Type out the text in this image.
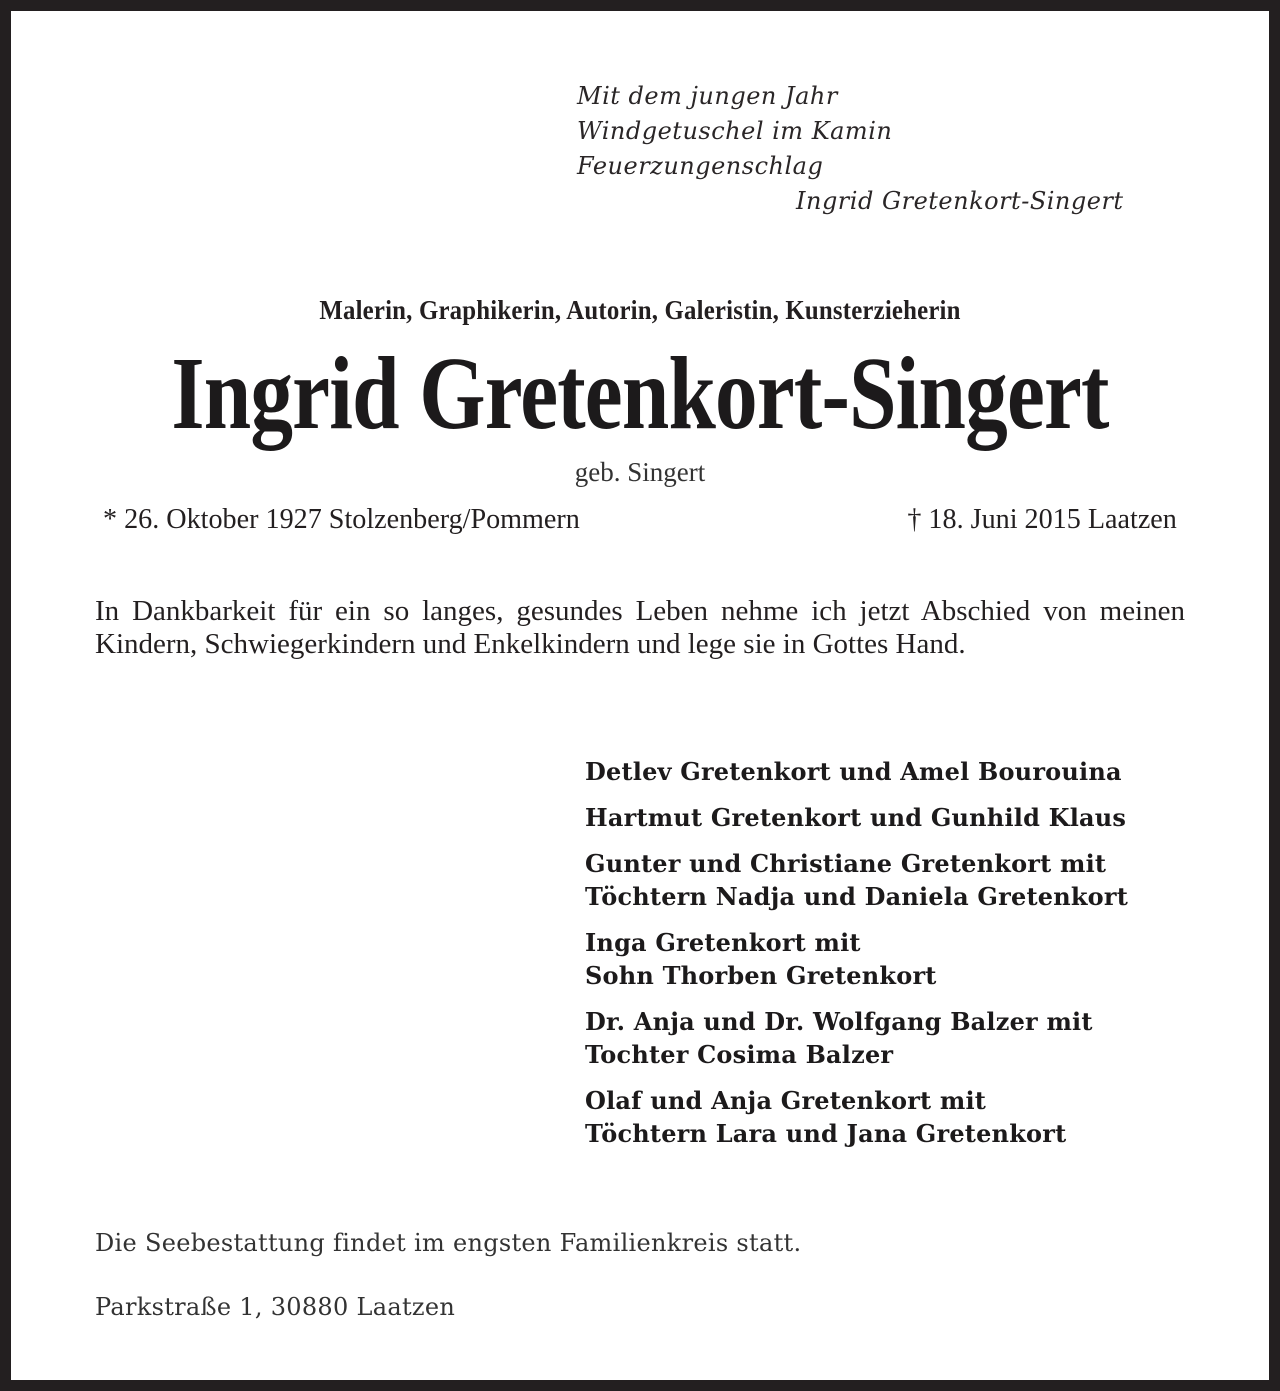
Mit dem jungen Jahr
Windgetuschel im Kamin
Feuerzungenschlag
Ingrid Gretenkort-Singert
Malerin, Graphikerin, Autorin, Galeristin, Kunsterzieherin
Ingrid Gretenkort-Singert
geb. Singert
* 26. Oktober 1927 Stolzenberg/Pommern	† 18. Juni 2015 Laatzen
In Dankbarkeit für ein so langes, gesundes Leben nehme ich jetzt Abschied von meinen Kindern, Schwiegerkindern und Enkelkindern und lege sie in Gottes Hand.
Detlev Gretenkort und Amel Bourouina
Hartmut Gretenkort und Gunhild Klaus
Gunter und Christiane Gretenkort mit
Töchtern Nadja und Daniela Gretenkort
Inga Gretenkort mit
Sohn Thorben Gretenkort
Dr. Anja und Dr. Wolfgang Balzer mit
Tochter Cosima Balzer
Olaf und Anja Gretenkort mit
Töchtern Lara und Jana Gretenkort
Die Seebestattung findet im engsten Familienkreis statt.
Parkstraße 1, 30880 Laatzen
